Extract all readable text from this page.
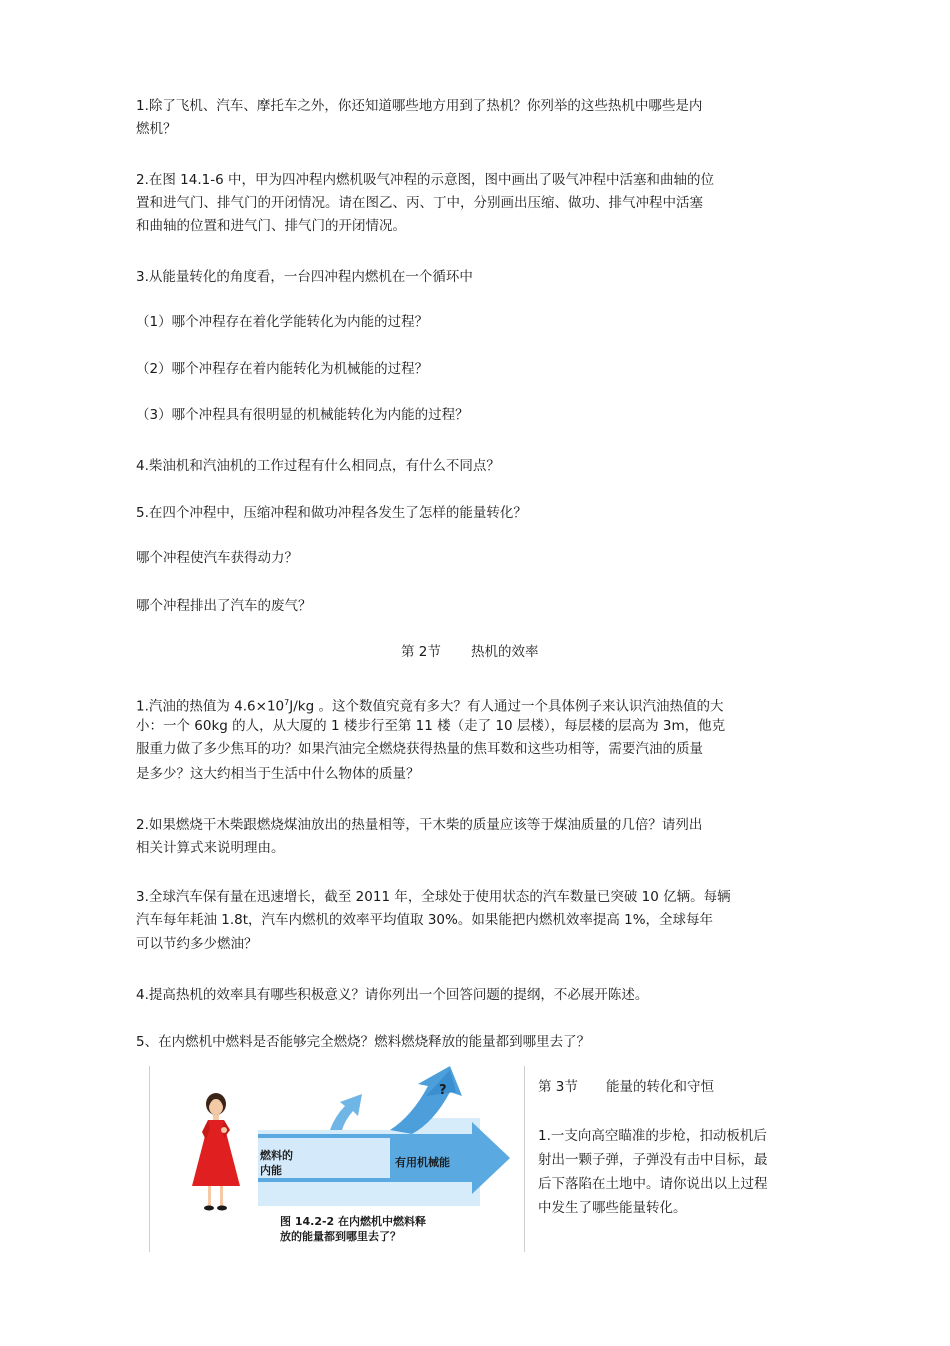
1.除了飞机、汽车、摩托车之外，你还知道哪些地方用到了热机？你列举的这些热机中哪些是内
燃机？
2.在图 14.1-6 中，甲为四冲程内燃机吸气冲程的示意图，图中画出了吸气冲程中活塞和曲轴的位
置和进气门、排气门的开闭情况。请在图乙、丙、丁中，分别画出压缩、做功、排气冲程中活塞
和曲轴的位置和进气门、排气门的开闭情况。
3.从能量转化的角度看，一台四冲程内燃机在一个循环中
（1）哪个冲程存在着化学能转化为内能的过程？
（2）哪个冲程存在着内能转化为机械能的过程？
（3）哪个冲程具有很明显的机械能转化为内能的过程？
4.柴油机和汽油机的工作过程有什么相同点，有什么不同点？
5.在四个冲程中，压缩冲程和做功冲程各发生了怎样的能量转化？
哪个冲程使汽车获得动力？
哪个冲程排出了汽车的废气？
第 2节 热机的效率
1.汽油的热值为 $4.6\times 10^7J/kg$ 。这个数值究竟有多大？有人通过一个具体例子来认识汽油热值的大
小：一个 60kg 的人，从大厦的 1 楼步行至第 11 楼（走了 10 层楼），每层楼的层高为 3m，他克
服重力做了多少焦耳的功？如果汽油完全燃烧获得热量的焦耳数和这些功相等，需要汽油的质量
是多少？这大约相当于生活中什么物体的质量？
2.如果燃烧干木柴跟燃烧煤油放出的热量相等，干木柴的质量应该等于煤油质量的几倍？请列出
相关计算式来说明理由。
3.全球汽车保有量在迅速增长，截至 2011 年，全球处于使用状态的汽车数量已突破 10 亿辆。每辆
汽车每年耗油 1.8t，汽车内燃机的效率平均值取 30%。如果能把内燃机效率提高 1%，全球每年
可以节约多少燃油？
4.提高热机的效率具有哪些积极意义？请你列出一个回答问题的提纲，不必展开陈述。
5、在内燃机中燃料是否能够完全燃烧？燃料燃烧释放的能量都到哪里去了？
?
燃料的
内能
有用机械能
图 14.2-2 在内燃机中燃料释
放的能量都到哪里去了？
第 3节 能量的转化和守恒
1.一支向高空瞄准的步枪，扣动板机后
射出一颗子弹，子弹没有击中目标，最
后下落陷在土地中。请你说出以上过程
中发生了哪些能量转化。
